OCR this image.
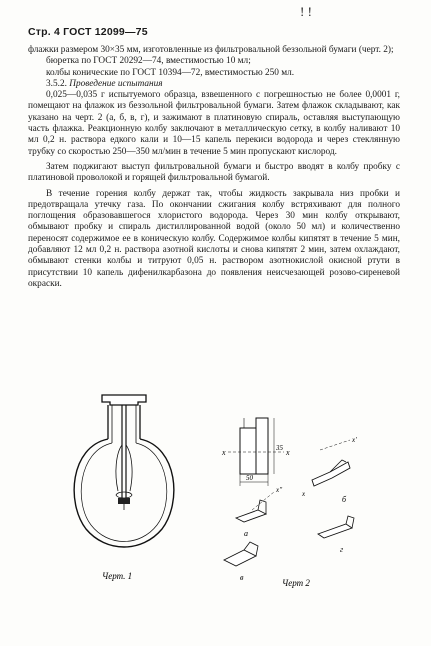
Стр. 4 ГОСТ 12099—75
! !

флажки размером 30×35 мм, изготовленные из фильтровальной беззольной бумаги (черт. 2);

бюретка по ГОСТ 20292—74, вместимостью 10 мл;

колбы конические по ГОСТ 10394—72, вместимостью 250 мл.

3.5.2. Проведение испытания

0,025—0,035 г испытуемого образца, взвешенного с погрешностью не более 0,0001 г, помещают на флажок из беззольной фильтровальной бумаги. Затем флажок складывают, как указано на черт. 2 (а, б, в, г), и зажимают в платиновую спираль, оставляя выступающую часть флажка. Реакционную колбу заключают в металлическую сетку, в колбу наливают 10 мл 0,2 н. раствора едкого кали и 10—15 капель перекиси водорода и через стеклянную трубку со скоростью 250—350 мл/мин в течение 5 мин пропускают кислород.

Затем поджигают выступ фильтровальной бумаги и быстро вводят в колбу пробку с платиновой проволокой и горящей фильтровальной бумагой.

В течение горения колбу держат так, чтобы жидкость закрывала низ пробки и предотвращала утечку газа. По окончании сжигания колбу встряхивают для полного поглощения образовавшегося хлористого водорода. Через 30 мин колбу открывают, обмывают пробку и спираль дистиллированной водой (около 50 мл) и количественно переносят содержимое ее в коническую колбу. Содержимое колбы кипятят в течение 5 мин, добавляют 12 мл 0,2 н. раствора азотной кислоты и снова кипятят 2 мин, затем охлаждают, обмывают стенки колбы и титруют 0,05 н. раствором азотнокислой окисной ртути в присутствии 10 капель дифенилкарбазона до появления неисчезающей розово-сиреневой окраски.

Черт. 1
x	x
35
50
x'
x
б
x''
а
в
г
Черт 2
